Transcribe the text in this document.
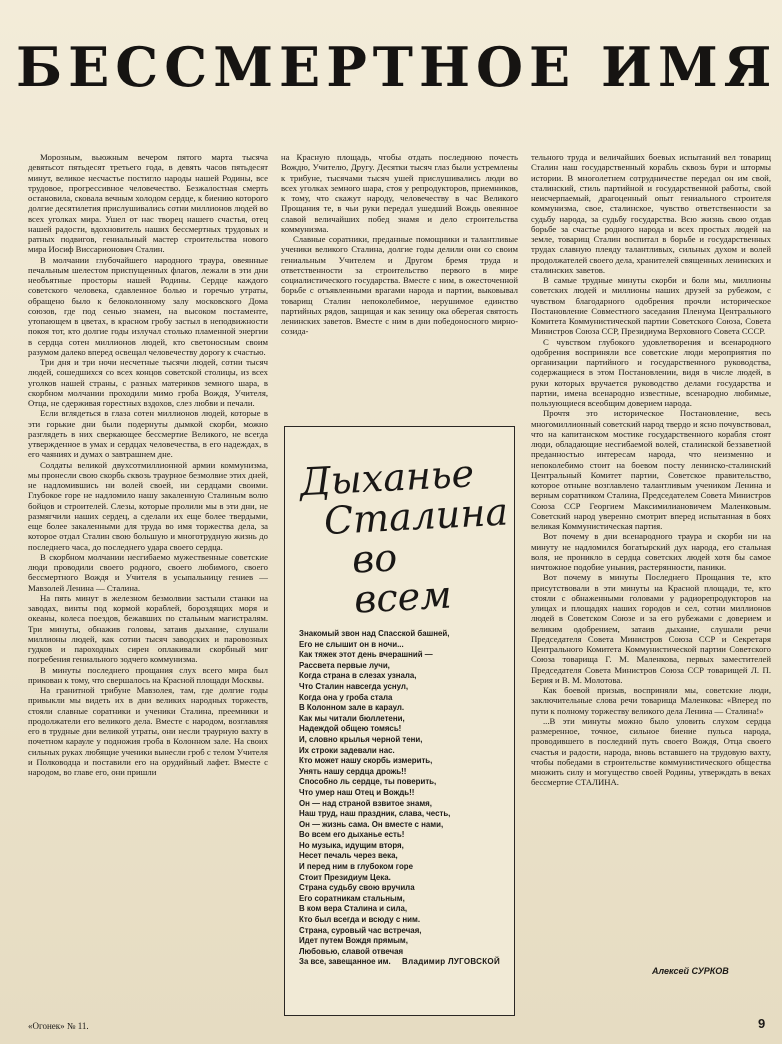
БЕССМЕРТНОЕ ИМЯ

Морозным, вьюжным вечером пятого марта тысяча девятьсот пятьдесят третьего года, в девять часов пятьдесят минут, великое несчастье постигло народы нашей Родины, все трудовое, прогрессивное человечество. Безжалостная смерть остановила, сковала вечным холодом сердце, к биению которого долгие десятилетия прислушивались сотни миллионов людей во всех уголках мира. Ушел от нас творец нашего счастья, отец нашей радости, вдохновитель наших бессмертных трудовых и ратных подвигов, гениальный мастер строительства нового мира Иосиф Виссарионович Сталин.

В молчании глубочайшего народного траура, овеянные печальным шелестом приспущенных флагов, лежали в эти дни необъятные просторы нашей Родины. Сердце каждого советского человека, сдавленное болью и горечью утраты, обращено было к белоколонному залу московского Дома союзов, где под сенью знамен, на высоком постаменте, утопающем в цветах, в красном гробу застыл в неподвижности покоя тот, кто долгие годы излучал столько пламенной энергии в сердца сотен миллионов людей, кто светоносным своим разумом далеко вперед освещал человечеству дорогу к счастью.

Три дня и три ночи несчетные тысячи людей, сотни тысяч людей, сошедшихся со всех концов советской столицы, из всех уголков нашей страны, с разных материков земного шара, в скорбном молчании проходили мимо гроба Вождя, Учителя, Отца, не сдерживая горестных вздохов, слез любви и печали.

Если вглядеться в глаза сотен миллионов людей, которые в эти горькие дни были подернуты дымкой скорби, можно разглядеть в них сверкающее бессмертие Великого, не всегда утвержденное в умах и сердцах человечества, в его надеждах, в его чаяниях и думах о завтрашнем дне.

Солдаты великой двухсотмиллионной армии коммунизма, мы пронесли свою скорбь сквозь траурное безмолвие этих дней, не надломившись ни волей своей, ни сердцами своими. Глубокое горе не надломило нашу закаленную Сталиным волю бойцов и строителей. Слезы, которые пролили мы в эти дни, не размягчили наших сердец, а сделали их еще более твердыми, еще более закаленными для труда во имя торжества дела, за которое отдал Сталин свою большую и многотрудную жизнь до последнего часа, до последнего удара своего сердца.

В скорбном молчании несгибаемо мужественные советские люди проводили своего родного, своего любимого, своего бессмертного Вождя и Учителя в усыпальницу гениев — Мавзолей Ленина — Сталина.

На пять минут в железном безмолвии застыли станки на заводах, винты под кормой кораблей, бороздящих моря и океаны, колеса поездов, бежавших по стальным магистралям. Три минуты, обнажив головы, затаив дыхание, слушали миллионы людей, как сотни тысяч заводских и паровозных гудков и пароходных сирен оплакивали скорбный миг погребения гениального зодчего коммунизма.

В минуты последнего прощания слух всего мира был прикован к тому, что свершалось на Красной площади Москвы.

На гранитной трибуне Мавзолея, там, где долгие годы привыкли мы видеть их в дни великих народных торжеств, стояли славные соратники и ученики Сталина, преемники и продолжатели его великого дела. Вместе с народом, возглавляя его в трудные дни великой утраты, они несли траурную вахту в почетном карауле у подножия гроба в Колонном зале. На своих сильных руках любящие ученики вынесли гроб с телом Учителя и Полководца и поставили его на орудийный лафет. Вместе с народом, во главе его, они пришли

на Красную площадь, чтобы отдать последнюю почесть Вождю, Учителю, Другу. Десятки тысяч глаз были устремлены к трибуне, тысячами тысяч ушей прислушивались люди во всех уголках земного шара, стоя у репродукторов, приемников, к тому, что скажут народу, человечеству в час Великого Прощания те, в чьи руки передал ушедший Вождь овеянное славой величайших побед знамя и дело строительства коммунизма.

Славные соратники, преданные помощники и талантливые ученики великого Сталина, долгие годы делили они со своим гениальным Учителем и Другом бремя труда и ответственности за строительство первого в мире социалистического государства. Вместе с ним, в ожесточенной борьбе с отъявленными врагами народа и партии, выковывал товарищ Сталин непоколебимое, нерушимое единство партийных рядов, защищая и как зеницу ока оберегая святость ленинских заветов. Вместе с ним в дни победоносного мирно-созида-

Дыханье
Сталина
во всем
Знакомый звон над Спасской башней,
Его не слышит он в ночи...
Как тяжек этот день вчерашний —
Рассвета первые лучи,
Когда страна в слезах узнала,
Что Сталин навсегда уснул,
Когда она у гроба стала
В Колонном зале в караул.
Как мы читали бюллетени,
Надеждой общею томясь!
И, словно крылья черной тени,
Их строки задевали нас.
Кто может нашу скорбь измерить,
Унять нашу сердца дрожь!!
Способно ль сердце, ты поверить,
Что умер наш Отец и Вождь!!
Он — над страной взвитое знамя,
Наш труд, наш праздник, слава, честь,
Он — жизнь сама. Он вместе с нами,
Во всем его дыханье есть!
Но музыка, идущим вторя,
Несет печаль через века,
И перед ним в глубоком горе
Стоит Президиум Цека.
Страна судьбу свою вручила
Его соратникам стальным,
В ком вера Сталина и сила,
Кто был всегда и всюду с ним.
Страна, суровый час встречая,
Идет путем Вождя прямым,
Любовью, славой отвечая
За все, завещанное им.	Владимир ЛУГОВСКОЙ

тельного труда и величайших боевых испытаний вел товарищ Сталин наш государственный корабль сквозь бури и штормы истории. В многолетнем сотрудничестве передал он им свой, сталинский, стиль партийной и государственной работы, свой неисчерпаемый, драгоценный опыт гениального строителя коммунизма, свое, сталинское, чувство ответственности за судьбу народа, за судьбу государства. Всю жизнь свою отдав борьбе за счастье родного народа и всех простых людей на земле, товарищ Сталин воспитал в борьбе и государственных трудах славную плеяду талантливых, сильных духом и волей продолжателей своего дела, хранителей священных ленинских и сталинских заветов.

В самые трудные минуты скорби и боли мы, миллионы советских людей и миллионы наших друзей за рубежом, с чувством благодарного одобрения прочли историческое Постановление Совместного заседания Пленума Центрального Комитета Коммунистической партии Советского Союза, Совета Министров Союза ССР, Президиума Верховного Совета СССР.

С чувством глубокого удовлетворения и всенародного одобрения восприняли все советские люди мероприятия по организации партийного и государственного руководства, содержащиеся в этом Постановлении, видя в числе людей, в руки которых вручается руководство делами государства и партии, имена всенародно известные, всенародно любимые, пользующиеся всеобщим доверием народа.

Прочтя это историческое Постановление, весь многомиллионный советский народ твердо и ясно почувствовал, что на капитанском мостике государственного корабля стоят люди, обладающие несгибаемой волей, сталинской беззаветной преданностью интересам народа, что неизменно и непоколебимо стоит на боевом посту ленинско-сталинский Центральный Комитет партии, Советское правительство, которое отныне возглавлено талантливым учеником Ленина и верным соратником Сталина, Председателем Совета Министров Союза ССР Георгием Максимилиановичем Маленковым. Советский народ уверенно смотрит вперед испытанная в боях великая Коммунистическая партия.

Вот почему в дни всенародного траура и скорби ни на минуту не надломился богатырский дух народа, его стальная воля, не проникло в сердца советских людей хотя бы самое ничтожное подобие уныния, растерянности, паники.

Вот почему в минуты Последнего Прощания те, кто присутствовали в эти минуты на Красной площади, те, кто стояли с обнаженными головами у радиорепродукторов на улицах и площадях наших городов и сел, сотни миллионов людей в Советском Союзе и за его рубежами с доверием и великим одобрением, затаив дыхание, слушали речи Председателя Совета Министров Союза ССР и Секретаря Центрального Комитета Коммунистической партии Советского Союза товарища Г. М. Маленкова, первых заместителей Председателя Совета Министров Союза ССР товарищей Л. П. Берия и В. М. Молотова.

Как боевой призыв, восприняли мы, советские люди, заключительные слова речи товарища Маленкова: «Вперед по пути к полному торжеству великого дела Ленина — Сталина!»

...В эти минуты можно было уловить слухом сердца размеренное, точное, сильное биение пульса народа, проводившего в последний путь своего Вождя, Отца своего счастья и радости, народа, вновь вставшего на трудовую вахту, чтобы победами в строительстве коммунистического общества множить силу и могущество своей Родины, утверждать в веках бессмертие СТАЛИНА.

Алексей СУРКОВ
«Огонек» № 11.	9
